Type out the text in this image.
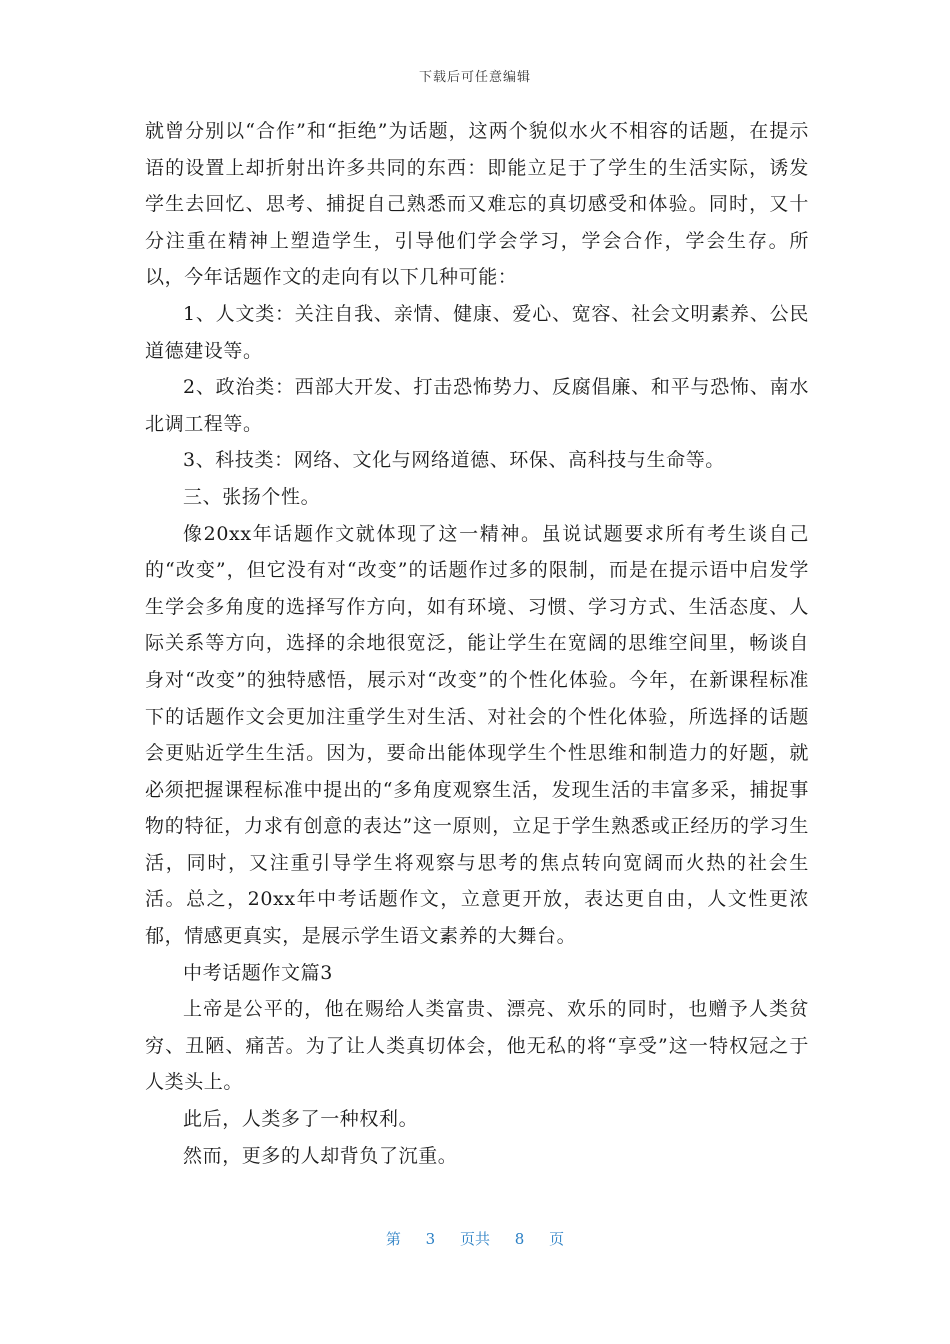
下载后可任意编辑

就曾分别以“合作”和“拒绝”为话题，这两个貌似水火不相容的话题，在提示语的设置上却折射出许多共同的东西：即能立足于了学生的生活实际，诱发学生去回忆、思考、捕捉自己熟悉而又难忘的真切感受和体验。同时，又十分注重在精神上塑造学生，引导他们学会学习，学会合作，学会生存。所以，今年话题作文的走向有以下几种可能：

1、人文类：关注自我、亲情、健康、爱心、宽容、社会文明素养、公民道德建设等。

2、政治类：西部大开发、打击恐怖势力、反腐倡廉、和平与恐怖、南水北调工程等。

3、科技类：网络、文化与网络道德、环保、高科技与生命等。

三、张扬个性。

像20xx年话题作文就体现了这一精神。虽说试题要求所有考生谈自己的“改变”，但它没有对“改变”的话题作过多的限制，而是在提示语中启发学生学会多角度的选择写作方向，如有环境、习惯、学习方式、生活态度、人际关系等方向，选择的余地很宽泛，能让学生在宽阔的思维空间里，畅谈自身对“改变”的独特感悟，展示对“改变”的个性化体验。今年，在新课程标准下的话题作文会更加注重学生对生活、对社会的个性化体验，所选择的话题会更贴近学生生活。因为，要命出能体现学生个性思维和制造力的好题，就必须把握课程标准中提出的“多角度观察生活，发现生活的丰富多采，捕捉事物的特征，力求有创意的表达”这一原则，立足于学生熟悉或正经历的学习生活，同时，又注重引导学生将观察与思考的焦点转向宽阔而火热的社会生活。总之，20xx年中考话题作文，立意更开放，表达更自由，人文性更浓郁，情感更真实，是展示学生语文素养的大舞台。

中考话题作文篇3

上帝是公平的，他在赐给人类富贵、漂亮、欢乐的同时，也赠予人类贫穷、丑陋、痛苦。为了让人类真切体会，他无私的将“享受”这一特权冠之于人类头上。

此后，人类多了一种权利。

然而，更多的人却背负了沉重。

第 3 页共 8 页
